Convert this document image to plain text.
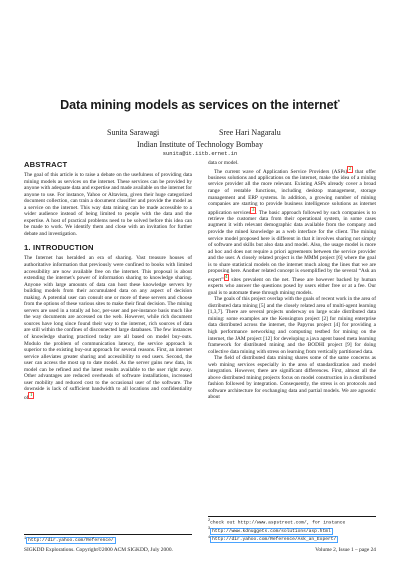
Data mining models as services on the internet*
Sunita Sarawagi	Sree Hari Nagaralu
Indian Institute of Technology Bombay
sunita@it.iitb.ernet.in
ABSTRACT

The goal of this article is to raise a debate on the usefulness of providing data mining models as services on the internet. These services can be provided by anyone with adequate data and expertise and made available on the internet for anyone to use. For instance, Yahoo or Altavista, given their huge categorized document collection, can train a document classifier and provide the model as a service on the internet. This way data mining can be made accessible to a wider audience instead of being limited to people with the data and the expertise. A host of practical problems need to be solved before this idea can be made to work. We identify them and close with an invitation for further debate and investigation.

1. INTRODUCTION

The Internet has heralded an era of sharing. Vast treasure houses of authoritative information that previously were confined to books with limited accessibility are now available free on the internet. This proposal is about extending the internet's power of information sharing to knowledge sharing. Anyone with large amounts of data can host these knowledge servers by building models from their accumulated data on any aspect of decision making. A potential user can consult one or more of these servers and choose from the options of these various sites to make their final decision. The mining servers are used in a totally ad hoc, per-user and per-instance basis much like the way documents are accessed on the web. However, while rich document sources have long since found their way to the internet, rich sources of data are still within the confines of disconnected large databases. The few instances of knowledge sharing practiced today are all based on model buy-outs. Modulo the problem of communication latency, the service approach is superior to the existing buy-out approach for several reasons. First, an internet service alleviates greater sharing and accessibility to end users. Second, the user can access the most up to date model. As the server gains new data, its model can be refined and the latest results available to the user right away. Other advantages are reduced overheads of software installations, increased user mobility and reduced cost to the occasional user of the software. The downside is lack of sufficient bandwidth to all locations and confidentiality of $^1$

data or model.

The current wave of Application Service Providers (ASPs) $^2$ that offer business solutions and applications on the internet, make the idea of a mining service provider all the more relevant. Existing ASPs already cover a broad range of rentable functions, including desktop management, storage management and ERP systems. In addition, a growing number of mining companies are starting to provide business intelligence solutions as internet application services $^3$ . The basic approach followed by such companies is to retrieve the customer data from their operational system, in some cases augment it with relevant demographic data available from the company and provide the mined knowledge as a web interface for the client. The mining service model proposed here is different in that it involves sharing not simply of software and skills but also data and model. Also, the usage model is more ad hoc and does not require a priori agreements between the service provider and the user. A closely related project is the MMM project [6] where the goal is to share statistical models on the internet much along the lines that we are proposing here. Another related concept is exemplified by the several “Ask an expert” $^4$ sites prevalent on the net. These are however backed by human experts who answer the questions posed by users either free or at a fee. Our goal is to automate these through mining models.

The goals of this project overlap with the goals of recent work in the area of distributed data mining [5] and the closely related area of multi-agent learning [1,3,7]. There are several projects underway on large scale distributed data mining: some examples are the Kensington project [2] for mining enterprise data distributed across the internet, the Papyrus project [4] for providing a high performance networking and computing testbed for mining on the internet, the JAM project [12] for developing a java agent based meta learning framework for distributed mining and the BODHI project [9] for doing collective data mining with stress on learning from vertically partitioned data.

The field of distributed data mining shares some of the same concerns as web mining services especially in the area of standardization and model integration. However, there are significant differences. First, almost all the above distributed mining projects focus on model construction in a distributed fashion followed by integration. Consequently, the stress is on protocols and software architecture for exchanging data and partial models. We are agnostic about

$^1$ http://dir.yahoo.com/Reference/
$^2$check out http://www.aspstreet.com/, for instance
$^3$ http://www.kdnuggets.com/solutions/asp.html
$^4$ http://dir.yahoo.com/Reference/Ask_an_Expert/
SIGKDD Explorations. Copyright©2000 ACM SIGKDD, July 2000.	Volume 2, Issue 1 – page 24
